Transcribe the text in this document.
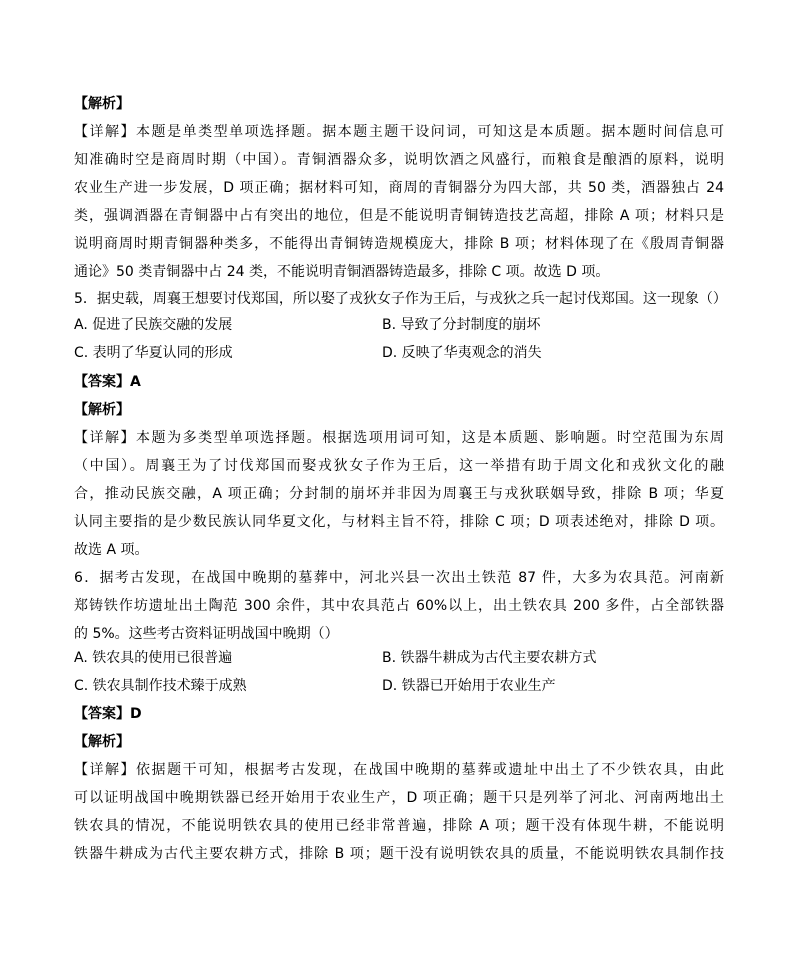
【解析】
【详解】本题是单类型单项选择题。据本题主题干设问词，可知这是本质题。据本题时间信息可
知准确时空是商周时期（中国）。青铜酒器众多，说明饮酒之风盛行，而粮食是酿酒的原料，说明
农业生产进一步发展，D 项正确；据材料可知，商周的青铜器分为四大部，共 50 类，酒器独占 24
类，强调酒器在青铜器中占有突出的地位，但是不能说明青铜铸造技艺高超，排除 A 项；材料只是
说明商周时期青铜器种类多，不能得出青铜铸造规模庞大，排除 B 项；材料体现了在《殷周青铜器
通论》50 类青铜器中占 24 类，不能说明青铜酒器铸造最多，排除 C 项。故选 D 项。
5．据史载，周襄王想要讨伐郑国，所以娶了戎狄女子作为王后，与戎狄之兵一起讨伐郑国。这一现象（）
A. 促进了民族交融的发展	B. 导致了分封制度的崩坏
C. 表明了华夏认同的形成	D. 反映了华夷观念的消失
【答案】A
【解析】
【详解】本题为多类型单项选择题。根据选项用词可知，这是本质题、影响题。时空范围为东周
（中国）。周襄王为了讨伐郑国而娶戎狄女子作为王后，这一举措有助于周文化和戎狄文化的融
合，推动民族交融，A 项正确；分封制的崩坏并非因为周襄王与戎狄联姻导致，排除 B 项；华夏
认同主要指的是少数民族认同华夏文化，与材料主旨不符，排除 C 项；D 项表述绝对，排除 D 项。
故选 A 项。
6．据考古发现，在战国中晚期的墓葬中，河北兴县一次出土铁范 87 件，大多为农具范。河南新
郑铸铁作坊遗址出土陶范 300 余件，其中农具范占 60%以上，出土铁农具 200 多件，占全部铁器
的 5%。这些考古资料证明战国中晚期（）
A. 铁农具的使用已很普遍	B. 铁器牛耕成为古代主要农耕方式
C. 铁农具制作技术臻于成熟	D. 铁器已开始用于农业生产
【答案】D
【解析】
【详解】依据题干可知，根据考古发现，在战国中晚期的墓葬或遗址中出土了不少铁农具，由此
可以证明战国中晚期铁器已经开始用于农业生产，D 项正确；题干只是列举了河北、河南两地出土
铁农具的情况，不能说明铁农具的使用已经非常普遍，排除 A 项；题干没有体现牛耕，不能说明
铁器牛耕成为古代主要农耕方式，排除 B 项；题干没有说明铁农具的质量，不能说明铁农具制作技
